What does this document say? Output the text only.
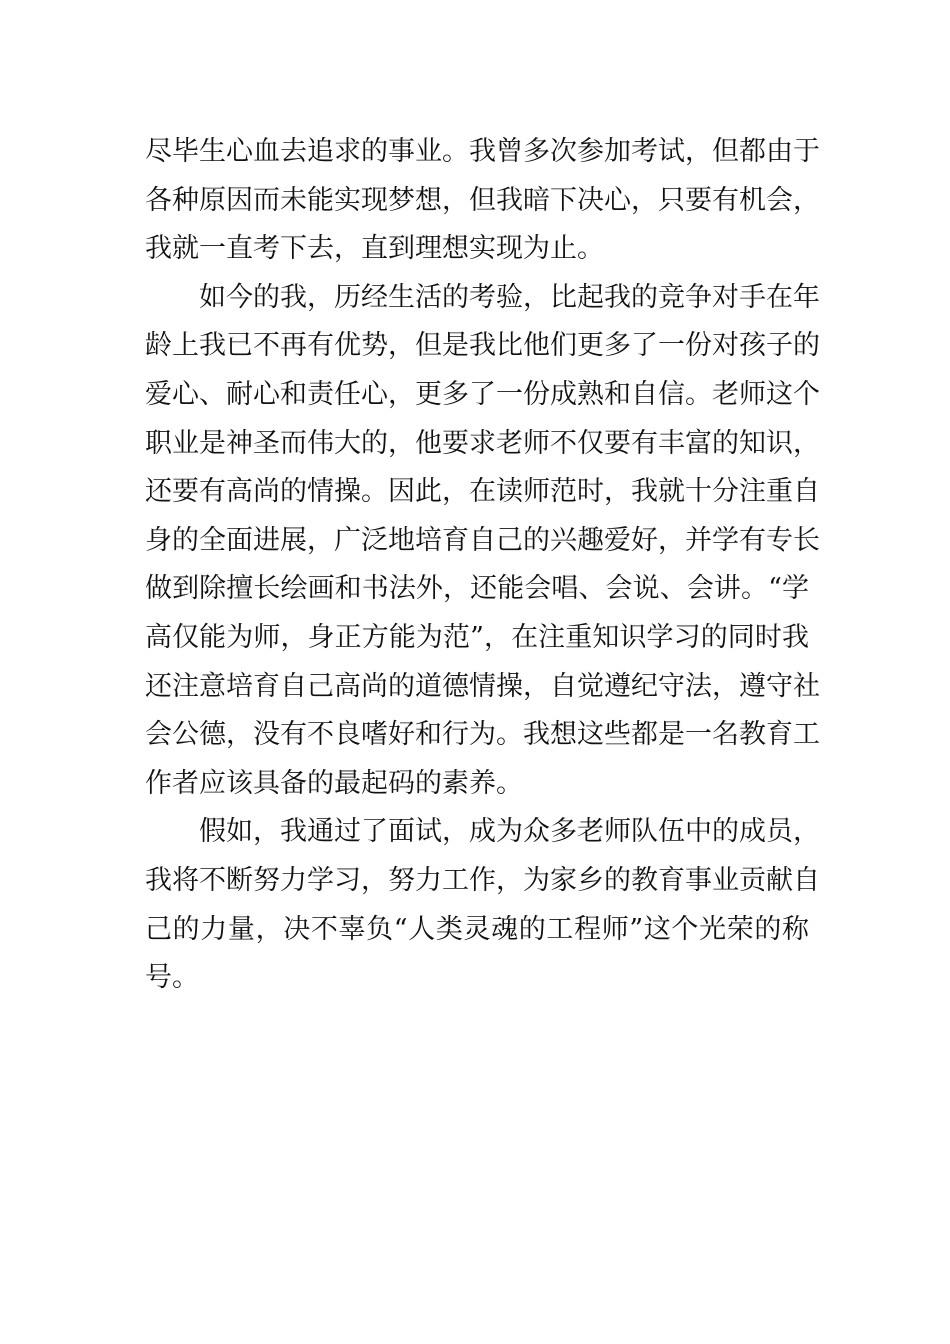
尽毕生心血去追求的事业。我曾多次参加考试，但都由于
各种原因而未能实现梦想，但我暗下决心，只要有机会，
我就一直考下去，直到理想实现为止。
如今的我，历经生活的考验，比起我的竞争对手在年
龄上我已不再有优势，但是我比他们更多了一份对孩子的
爱心、耐心和责任心，更多了一份成熟和自信。老师这个
职业是神圣而伟大的，他要求老师不仅要有丰富的知识，
还要有高尚的情操。因此，在读师范时，我就十分注重自
身的全面进展，广泛地培育自己的兴趣爱好，并学有专长
做到除擅长绘画和书法外，还能会唱、会说、会讲。“学
高仅能为师，身正方能为范”，在注重知识学习的同时我
还注意培育自己高尚的道德情操，自觉遵纪守法，遵守社
会公德，没有不良嗜好和行为。我想这些都是一名教育工
作者应该具备的最起码的素养。
假如，我通过了面试，成为众多老师队伍中的成员，
我将不断努力学习，努力工作，为家乡的教育事业贡献自
己的力量，决不辜负“人类灵魂的工程师”这个光荣的称
号。
